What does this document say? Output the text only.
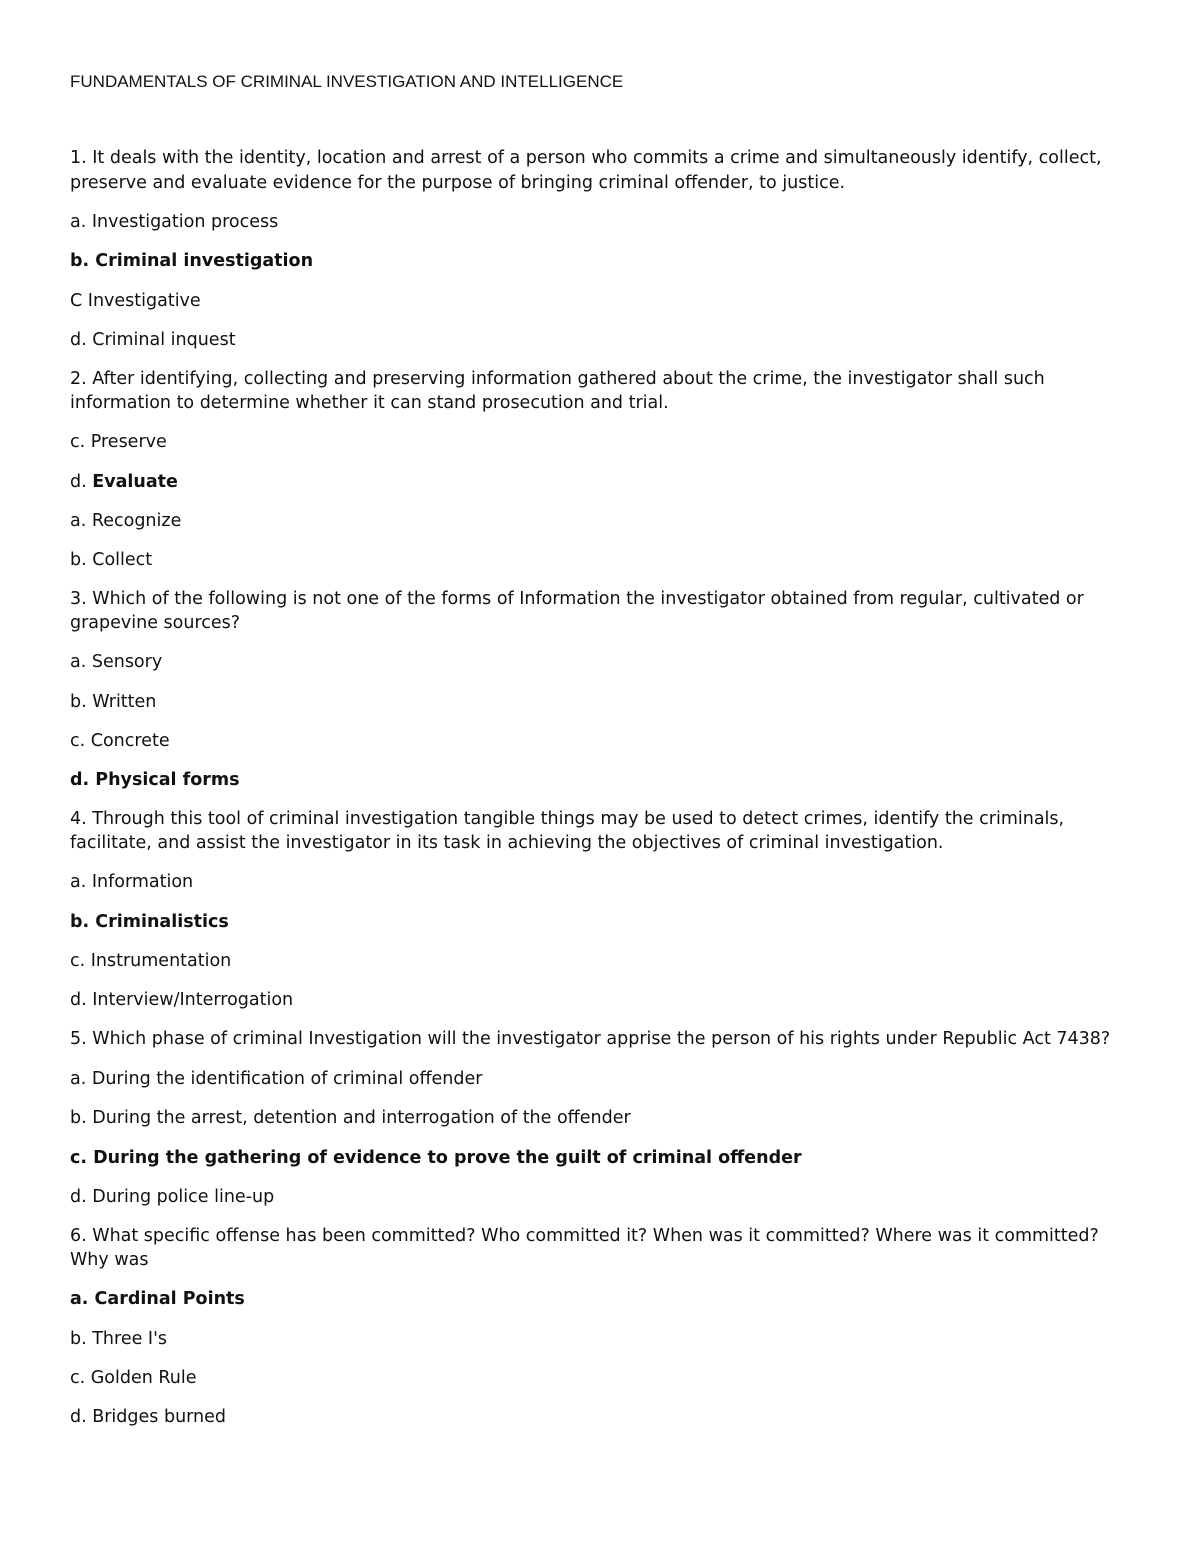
FUNDAMENTALS OF CRIMINAL INVESTIGATION AND INTELLIGENCE
1. It deals with the identity, location and arrest of a person who commits a crime and simultaneously identify, collect,
preserve and evaluate evidence for the purpose of bringing criminal offender, to justice.
a. Investigation process
b. Criminal investigation
C Investigative
d. Criminal inquest
2. After identifying, collecting and preserving information gathered about the crime, the investigator shall such
information to determine whether it can stand prosecution and trial.
c. Preserve
d. Evaluate
a. Recognize
b. Collect
3. Which of the following is not one of the forms of Information the investigator obtained from regular, cultivated or
grapevine sources?
a. Sensory
b. Written
c. Concrete
d. Physical forms
4. Through this tool of criminal investigation tangible things may be used to detect crimes, identify the criminals,
facilitate, and assist the investigator in its task in achieving the objectives of criminal investigation.
a. Information
b. Criminalistics
c. Instrumentation
d. Interview/Interrogation
5. Which phase of criminal Investigation will the investigator apprise the person of his rights under Republic Act 7438?
a. During the identification of criminal offender
b. During the arrest, detention and interrogation of the offender
c. During the gathering of evidence to prove the guilt of criminal offender
d. During police line-up
6. What specific offense has been committed? Who committed it? When was it committed? Where was it committed?
Why was
a. Cardinal Points
b. Three I's
c. Golden Rule
d. Bridges burned
